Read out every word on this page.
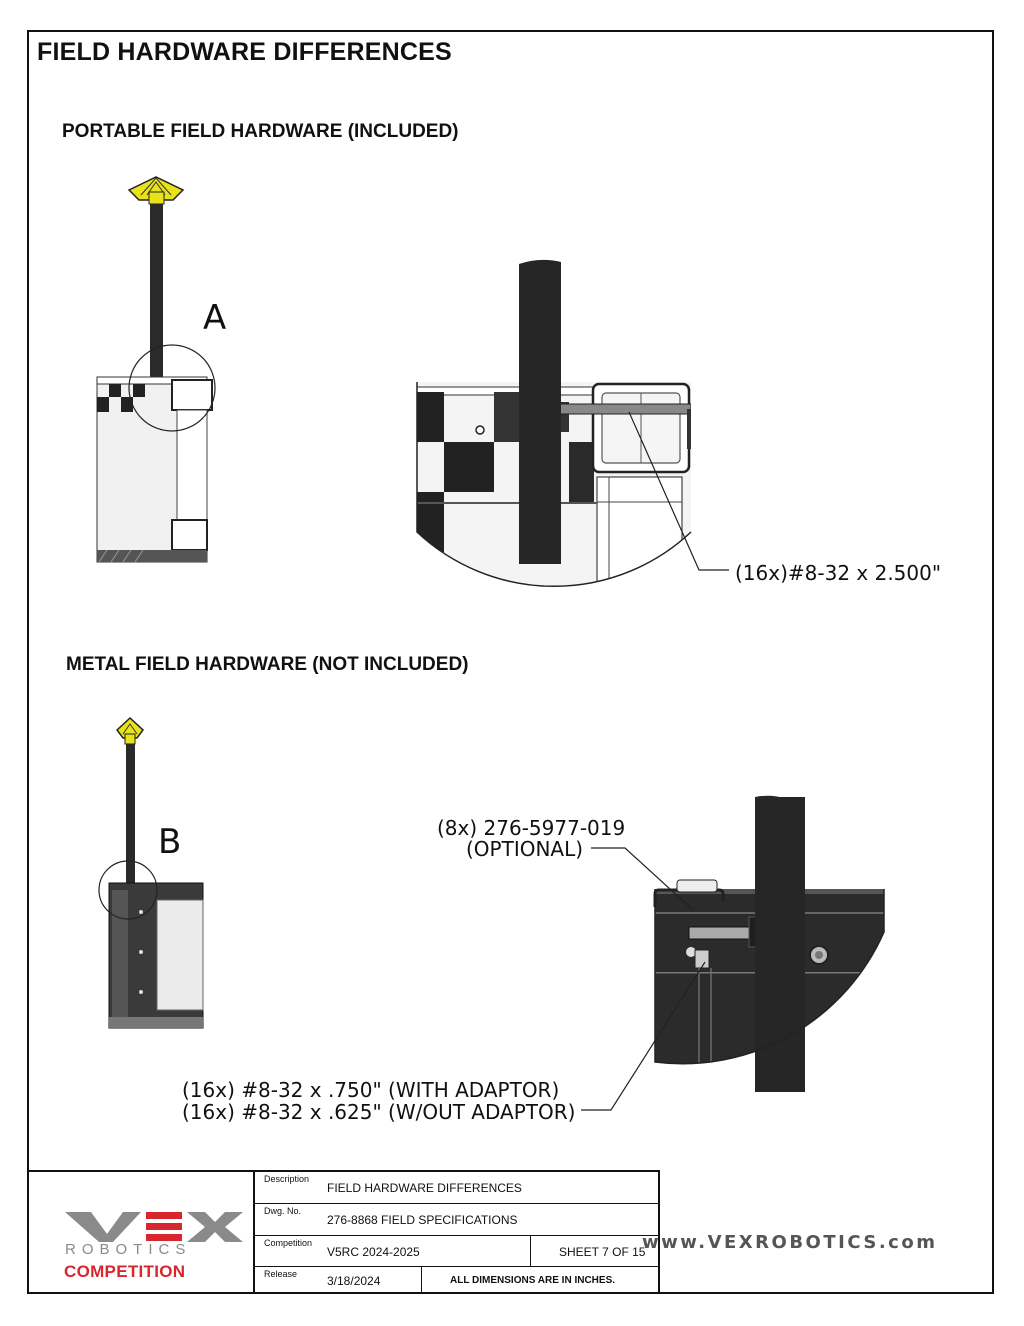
FIELD HARDWARE DIFFERENCES
PORTABLE FIELD HARDWARE (INCLUDED)
METAL FIELD HARDWARE (NOT INCLUDED)
A
B
(16x)#8-32 x 2.500"
(8x) 276-5977-019
(OPTIONAL)
(16x) #8-32 x .750" (WITH ADAPTOR)
(16x) #8-32 x .625" (W/OUT ADAPTOR)
ROBOTICS
COMPETITION
Description
FIELD HARDWARE DIFFERENCES
Dwg. No.
276-8868 FIELD SPECIFICATIONS
Competition
V5RC 2024-2025	SHEET 7 OF 15
Release 3/18/2024	ALL DIMENSIONS ARE IN INCHES.
www.VEXROBOTICS.com
